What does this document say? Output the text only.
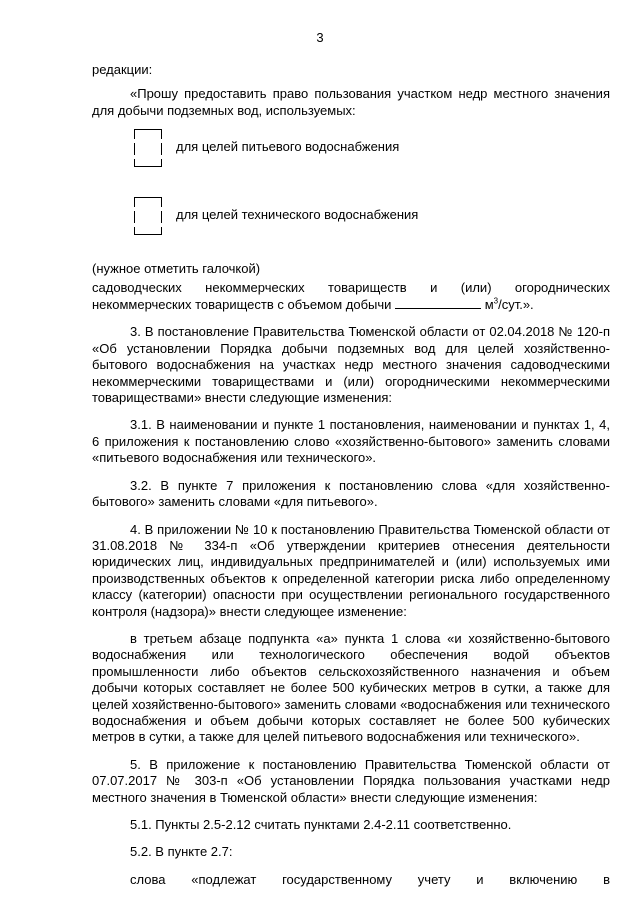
3

редакции:

«Прошу предоставить право пользования участком недр местного значения для добычи подземных вод, используемых:

для целей питьевого водоснабжения
для целей технического водоснабжения

(нужное отметить галочкой)

садоводческих некоммерческих товариществ и (или) огороднических некоммерческих товариществ с объемом добычи	$м^3$/сут.».

3. В постановление Правительства Тюменской области от 02.04.2018 № 120-п «Об установлении Порядка добычи подземных вод для целей хозяйственно-бытового водоснабжения на участках недр местного значения садоводческими некоммерческими товариществами и (или) огородническими некоммерческими товариществами» внести следующие изменения:

3.1. В наименовании и пункте 1 постановления, наименовании и пунктах 1, 4, 6 приложения к постановлению слово «хозяйственно-бытового» заменить словами «питьевого водоснабжения или технического».

3.2. В пункте 7 приложения к постановлению слова «для хозяйственно-бытового» заменить словами «для питьевого».

4. В приложении № 10 к постановлению Правительства Тюменской области от 31.08.2018 № 334-п «Об утверждении критериев отнесения деятельности юридических лиц, индивидуальных предпринимателей и (или) используемых ими производственных объектов к определенной категории риска либо определенному классу (категории) опасности при осуществлении регионального государственного контроля (надзора)» внести следующее изменение:

в третьем абзаце подпункта «а» пункта 1 слова «и хозяйственно-бытового водоснабжения или технологического обеспечения водой объектов промышленности либо объектов сельскохозяйственного назначения и объем добычи которых составляет не более 500 кубических метров в сутки, а также для целей хозяйственно-бытового» заменить словами «водоснабжения или технического водоснабжения и объем добычи которых составляет не более 500 кубических метров в сутки, а также для целей питьевого водоснабжения или технического».

5. В приложение к постановлению Правительства Тюменской области от 07.07.2017 № 303-п «Об установлении Порядка пользования участками недр местного значения в Тюменской области» внести следующие изменения:

5.1. Пункты 2.5-2.12 считать пунктами 2.4-2.11 соответственно.

5.2. В пункте 2.7:

слова «подлежат государственному учету и включению в
